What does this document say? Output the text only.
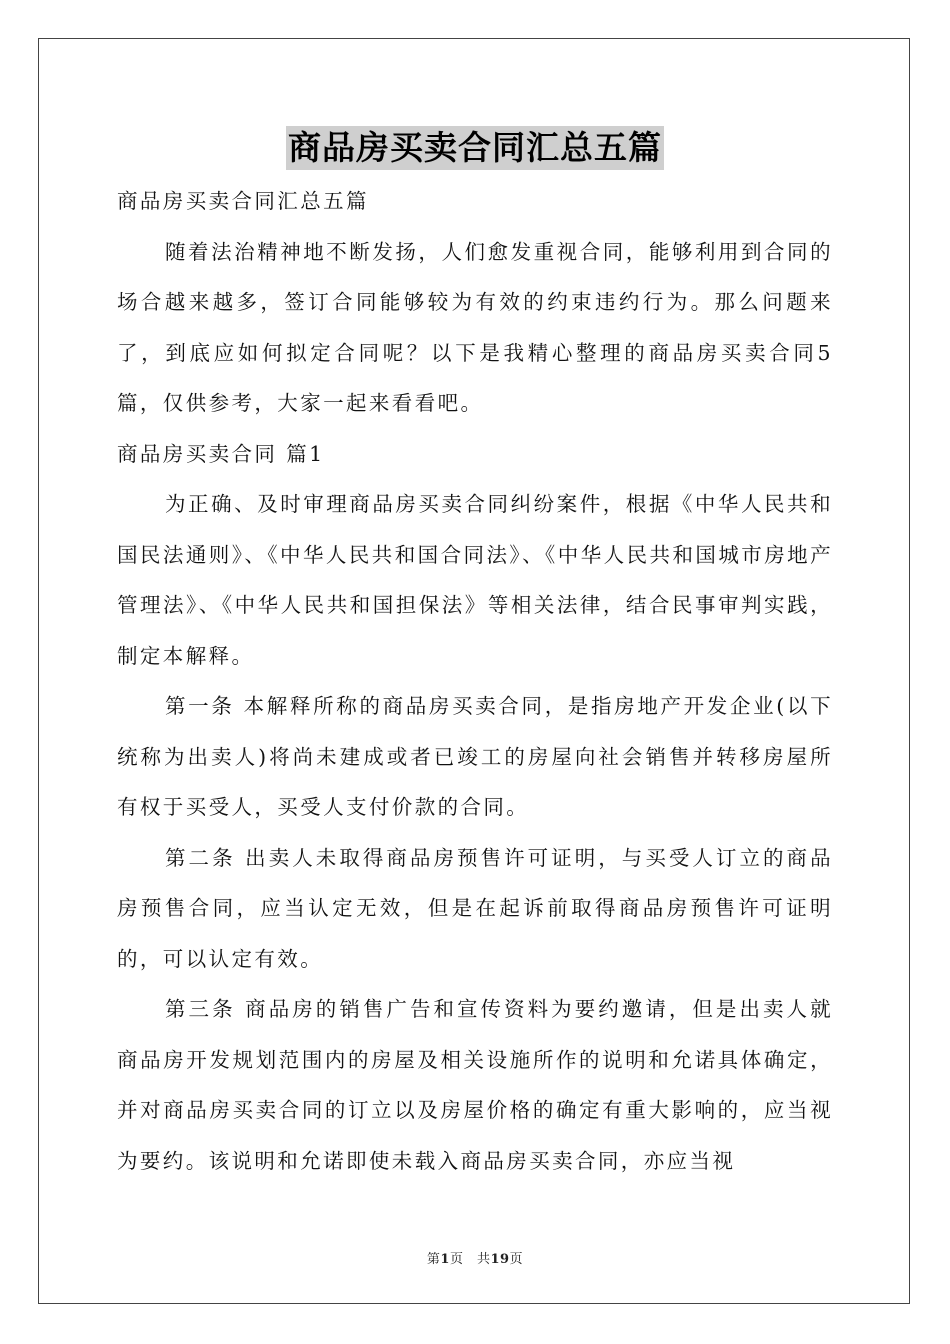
商品房买卖合同汇总五篇

商品房买卖合同汇总五篇

随着法治精神地不断发扬，人们愈发重视合同，能够利用到合同的场合越来越多，签订合同能够较为有效的约束违约行为。那么问题来了，到底应如何拟定合同呢？以下是我精心整理的商品房买卖合同5篇，仅供参考，大家一起来看看吧。

商品房买卖合同 篇1

为正确、及时审理商品房买卖合同纠纷案件，根据《中华人民共和国民法通则》、《中华人民共和国合同法》、《中华人民共和国城市房地产管理法》、《中华人民共和国担保法》等相关法律，结合民事审判实践，制定本解释。

第一条 本解释所称的商品房买卖合同，是指房地产开发企业(以下统称为出卖人)将尚未建成或者已竣工的房屋向社会销售并转移房屋所有权于买受人，买受人支付价款的合同。

第二条 出卖人未取得商品房预售许可证明，与买受人订立的商品房预售合同，应当认定无效，但是在起诉前取得商品房预售许可证明的，可以认定有效。

第三条 商品房的销售广告和宣传资料为要约邀请，但是出卖人就商品房开发规划范围内的房屋及相关设施所作的说明和允诺具体确定，并对商品房买卖合同的订立以及房屋价格的确定有重大影响的，应当视为要约。该说明和允诺即使未载入商品房买卖合同，亦应当视

第1页　共19页
